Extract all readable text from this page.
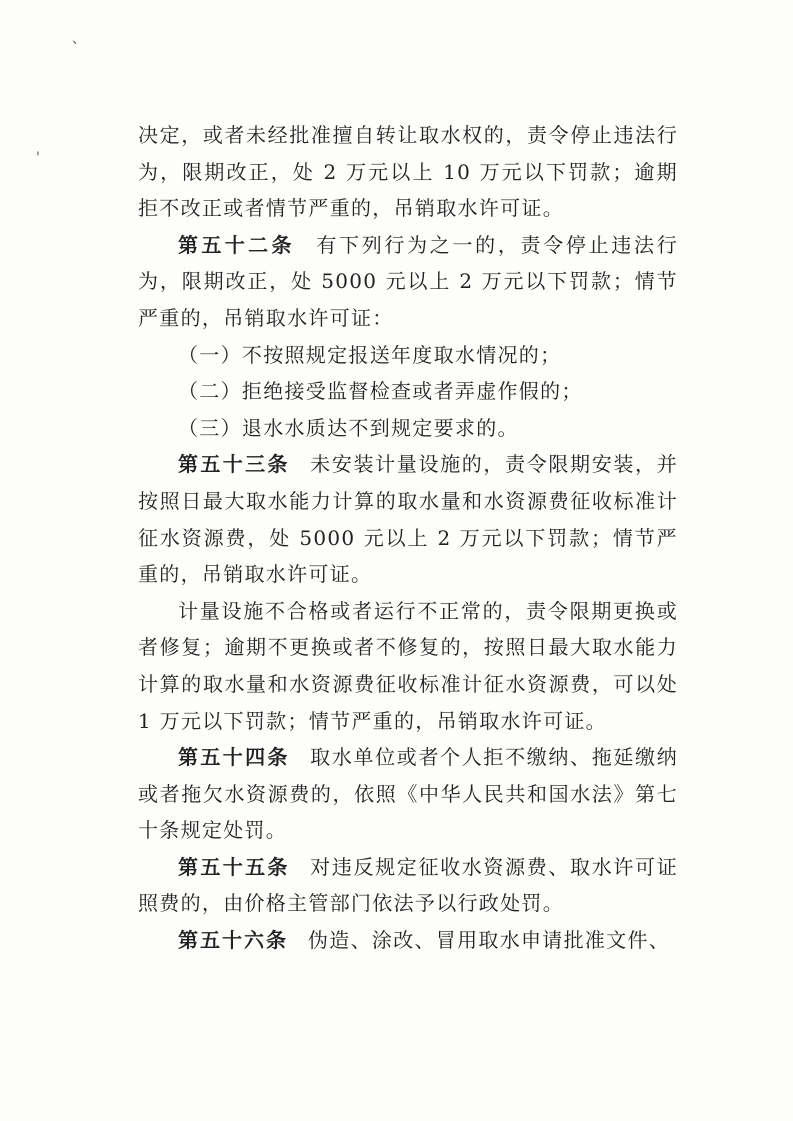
、
'

决定，或者未经批准擅自转让取水权的，责令停止违法行为，限期改正，处 2 万元以上 10 万元以下罚款；逾期拒不改正或者情节严重的，吊销取水许可证。

第五十二条 有下列行为之一的，责令停止违法行为，限期改正，处 5000 元以上 2 万元以下罚款；情节严重的，吊销取水许可证：

（一）不按照规定报送年度取水情况的；

（二）拒绝接受监督检查或者弄虚作假的；

（三）退水水质达不到规定要求的。

第五十三条 未安装计量设施的，责令限期安装，并按照日最大取水能力计算的取水量和水资源费征收标准计征水资源费，处 5000 元以上 2 万元以下罚款；情节严重的，吊销取水许可证。

计量设施不合格或者运行不正常的，责令限期更换或者修复；逾期不更换或者不修复的，按照日最大取水能力计算的取水量和水资源费征收标准计征水资源费，可以处 1 万元以下罚款；情节严重的，吊销取水许可证。

第五十四条 取水单位或者个人拒不缴纳、拖延缴纳或者拖欠水资源费的，依照《中华人民共和国水法》第七十条规定处罚。

第五十五条 对违反规定征收水资源费、取水许可证照费的，由价格主管部门依法予以行政处罚。

第五十六条 伪造、涂改、冒用取水申请批准文件、
